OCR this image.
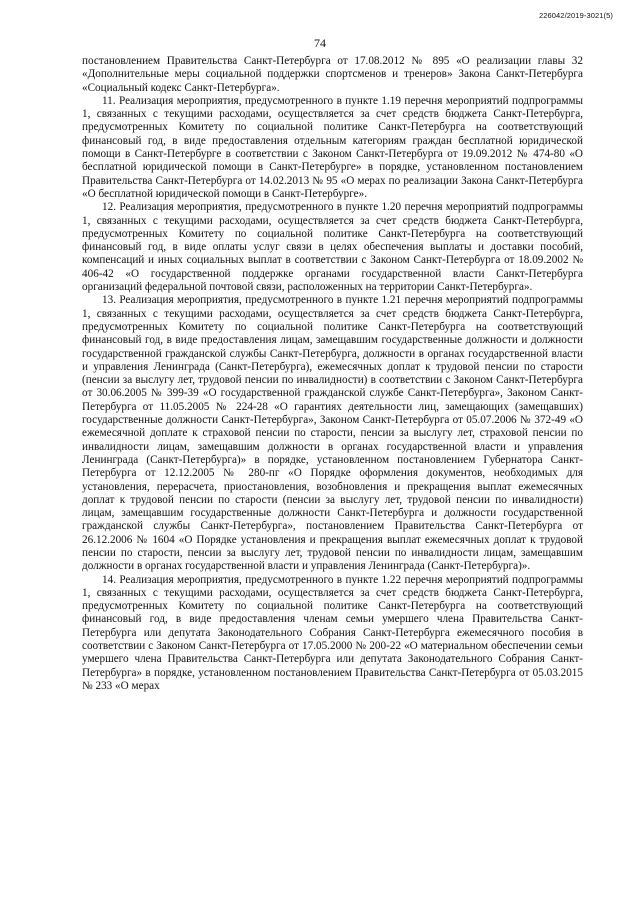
226042/2019-3021(5)
74

постановлением Правительства Санкт-Петербурга от 17.08.2012 № 895 «О реализации главы 32 «Дополнительные меры социальной поддержки спортсменов и тренеров» Закона Санкт-Петербурга «Социальный кодекс Санкт-Петербурга».

11. Реализация мероприятия, предусмотренного в пункте 1.19 перечня мероприятий подпрограммы 1, связанных с текущими расходами, осуществляется за счет средств бюджета Санкт-Петербурга, предусмотренных Комитету по социальной политике Санкт-Петербурга на соответствующий финансовый год, в виде предоставления отдельным категориям граждан бесплатной юридической помощи в Санкт-Петербурге в соответствии с Законом Санкт-Петербурга от 19.09.2012 № 474-80 «О бесплатной юридической помощи в Санкт-Петербурге» в порядке, установленном постановлением Правительства Санкт-Петербурга от 14.02.2013 № 95 «О мерах по реализации Закона Санкт-Петербурга «О бесплатной юридической помощи в Санкт-Петербурге».

12. Реализация мероприятия, предусмотренного в пункте 1.20 перечня мероприятий подпрограммы 1, связанных с текущими расходами, осуществляется за счет средств бюджета Санкт-Петербурга, предусмотренных Комитету по социальной политике Санкт-Петербурга на соответствующий финансовый год, в виде оплаты услуг связи в целях обеспечения выплаты и доставки пособий, компенсаций и иных социальных выплат в соответствии с Законом Санкт-Петербурга от 18.09.2002 № 406-42 «О государственной поддержке органами государственной власти Санкт-Петербурга организаций федеральной почтовой связи, расположенных на территории Санкт-Петербурга».

13. Реализация мероприятия, предусмотренного в пункте 1.21 перечня мероприятий подпрограммы 1, связанных с текущими расходами, осуществляется за счет средств бюджета Санкт-Петербурга, предусмотренных Комитету по социальной политике Санкт-Петербурга на соответствующий финансовый год, в виде предоставления лицам, замещавшим государственные должности и должности государственной гражданской службы Санкт-Петербурга, должности в органах государственной власти и управления Ленинграда (Санкт-Петербурга), ежемесячных доплат к трудовой пенсии по старости (пенсии за выслугу лет, трудовой пенсии по инвалидности) в соответствии с Законом Санкт-Петербурга от 30.06.2005 № 399-39 «О государственной гражданской службе Санкт-Петербурга», Законом Санкт-Петербурга от 11.05.2005 № 224-28 «О гарантиях деятельности лиц, замещающих (замещавших) государственные должности Санкт-Петербурга», Законом Санкт-Петербурга от 05.07.2006 № 372-49 «О ежемесячной доплате к страховой пенсии по старости, пенсии за выслугу лет, страховой пенсии по инвалидности лицам, замещавшим должности в органах государственной власти и управления Ленинграда (Санкт-Петербурга)» в порядке, установленном постановлением Губернатора Санкт-Петербурга от 12.12.2005 № 280-пг «О Порядке оформления документов, необходимых для установления, перерасчета, приостановления, возобновления и прекращения выплат ежемесячных доплат к трудовой пенсии по старости (пенсии за выслугу лет, трудовой пенсии по инвалидности) лицам, замещавшим государственные должности Санкт-Петербурга и должности государственной гражданской службы Санкт-Петербурга», постановлением Правительства Санкт-Петербурга от 26.12.2006 № 1604 «О Порядке установления и прекращения выплат ежемесячных доплат к трудовой пенсии по старости, пенсии за выслугу лет, трудовой пенсии по инвалидности лицам, замещавшим должности в органах государственной власти и управления Ленинграда (Санкт-Петербурга)».

14. Реализация мероприятия, предусмотренного в пункте 1.22 перечня мероприятий подпрограммы 1, связанных с текущими расходами, осуществляется за счет средств бюджета Санкт-Петербурга, предусмотренных Комитету по социальной политике Санкт-Петербурга на соответствующий финансовый год, в виде предоставления членам семьи умершего члена Правительства Санкт-Петербурга или депутата Законодательного Собрания Санкт-Петербурга ежемесячного пособия в соответствии с Законом Санкт-Петербурга от 17.05.2000 № 200-22 «О материальном обеспечении семьи умершего члена Правительства Санкт-Петербурга или депутата Законодательного Собрания Санкт-Петербурга» в порядке, установленном постановлением Правительства Санкт-Петербурга от 05.03.2015 № 233 «О мерах
